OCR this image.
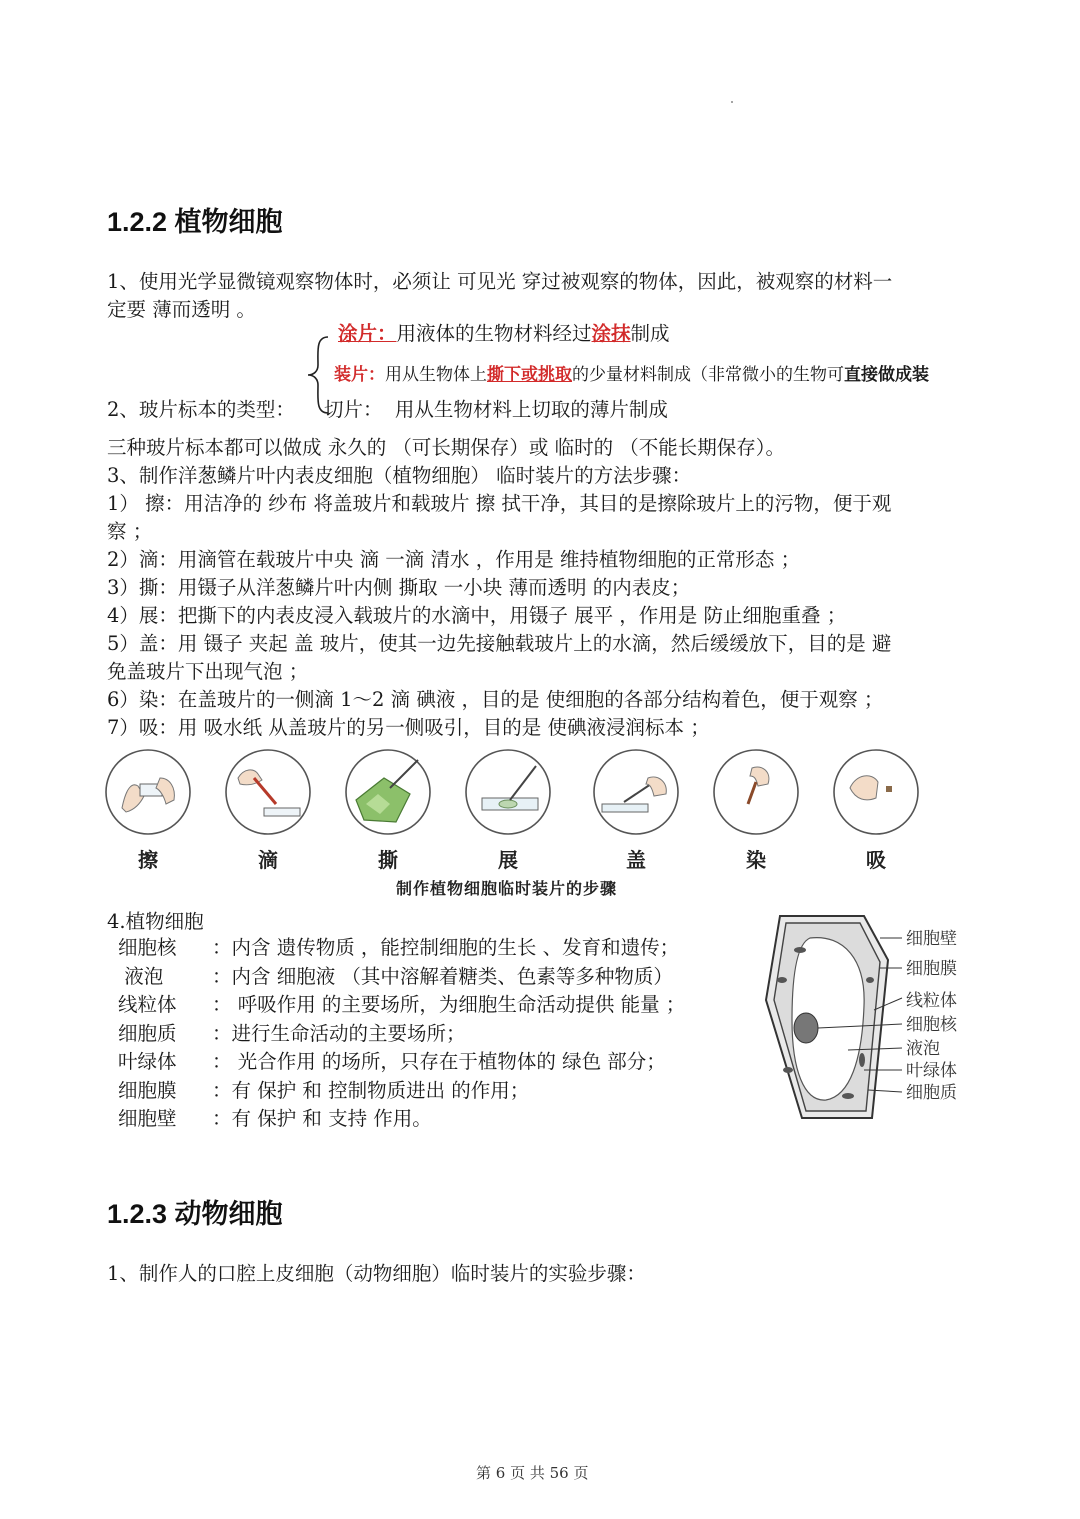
1.2.2 植物细胞
1、使用光学显微镜观察物体时，必须让 可见光 穿过被观察的物体，因此，被观察的材料一
定要 薄而透明 。
涂片：用液体的生物材料经过涂抹制成
装片：用从生物体上撕下或挑取的少量材料制成（非常微小的生物可直接做成装
2、玻片标本的类型： 切片： 用从生物材料上切取的薄片制成
三种玻片标本都可以做成 永久的 （可长期保存）或 临时的 （不能长期保存）。
3、制作洋葱鳞片叶内表皮细胞（植物细胞） 临时装片的方法步骤：
1） 擦：用洁净的 纱布 将盖玻片和载玻片 擦 拭干净，其目的是擦除玻片上的污物，便于观
察 ；
2）滴：用滴管在载玻片中央 滴 一滴 清水 ，作用是 维持植物细胞的正常形态 ；
3）撕：用镊子从洋葱鳞片叶内侧 撕取 一小块 薄而透明 的内表皮；
4）展：把撕下的内表皮浸入载玻片的水滴中，用镊子 展平 ，作用是 防止细胞重叠 ；
5）盖：用 镊子 夹起 盖 玻片，使其一边先接触载玻片上的水滴，然后缓缓放下，目的是 避
免盖玻片下出现气泡 ；
6）染：在盖玻片的一侧滴 1～2 滴 碘液 ，目的是 使细胞的各部分结构着色，便于观察 ；
7）吸：用 吸水纸 从盖玻片的另一侧吸引，目的是 使碘液浸润标本 ；
擦	滴	撕	展	盖	染	吸
制作植物细胞临时装片的步骤
4.植物细胞
细胞核 ：内含 遗传物质 ，能控制细胞的生长 、发育和遗传；
液泡 ：内含 细胞液 （其中溶解着糖类、色素等多种物质）
线粒体 ： 呼吸作用 的主要场所，为细胞生命活动提供 能量 ；
细胞质 ：进行生命活动的主要场所；
叶绿体 ： 光合作用 的场所，只存在于植物体的 绿色 部分；
细胞膜 ：有 保护 和 控制物质进出 的作用；
细胞壁 ：有 保护 和 支持 作用。
细胞壁
细胞膜
线粒体
细胞核
液泡
叶绿体
细胞质
1.2.3 动物细胞
1、制作人的口腔上皮细胞（动物细胞）临时装片的实验步骤：
第 6 页 共 56 页
